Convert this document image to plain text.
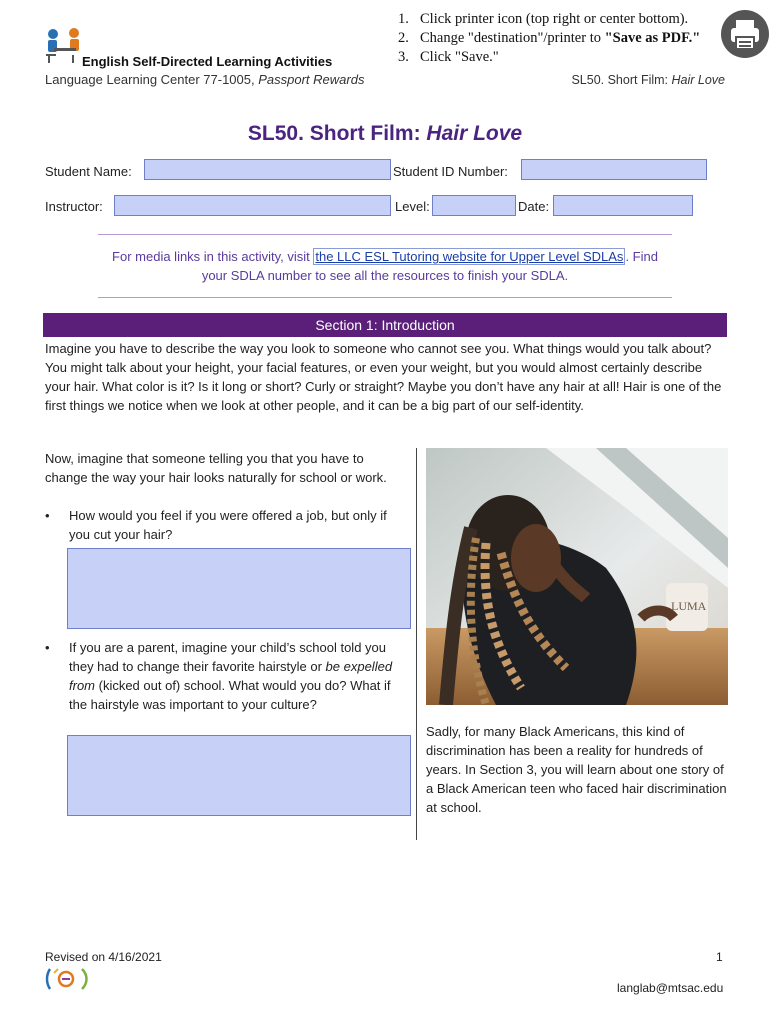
English Self-Directed Learning Activities
Language Learning Center 77-1005, Passport Rewards
1. Click printer icon (top right or center bottom).
2. Change "destination"/printer to "Save as PDF."
3. Click "Save."
SL50. Short Film: Hair Love
SL50. Short Film: Hair Love
Student Name:	Student ID Number:
Instructor:	Level:	Date:
For media links in this activity, visit the LLC ESL Tutoring website for Upper Level SDLAs . Find your SDLA number to see all the resources to finish your SDLA.
Section 1: Introduction
Imagine you have to describe the way you look to someone who cannot see you. What things would you talk about? You might talk about your height, your facial features, or even your weight, but you would almost certainly describe your hair. What color is it? Is it long or short? Curly or straight? Maybe you don’t have any hair at all! Hair is one of the first things we notice when we look at other people, and it can be a big part of our self-identity.
Now, imagine that someone telling you that you have to change the way your hair looks naturally for school or work.
• How would you feel if you were offered a job, but only if you cut your hair?
• If you are a parent, imagine your child’s school told you they had to change their favorite hairstyle or be expelled from (kicked out of) school. What would you do? What if the hairstyle was important to your culture?
LUMA
Sadly, for many Black Americans, this kind of discrimination has been a reality for hundreds of years. In Section 3, you will learn about one story of a Black American teen who faced hair discrimination at school.
Revised on 4/16/2021	1
langlab@mtsac.edu
